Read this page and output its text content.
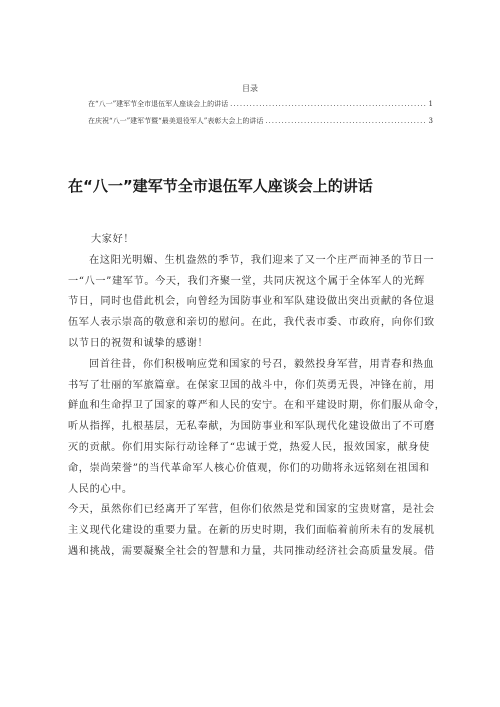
目录
在“八一”建军节全市退伍军人座谈会上的讲话 .....	1
在庆祝“八一”建军节暨“最美退役军人”表彰大会上的讲话 .....	3
在“八一”建军节全市退伍军人座谈会上的讲话
大家好！
在这阳光明媚、生机盎然的季节，我们迎来了又一个庄严而神圣的节日一
一“八一”建军节。今天，我们齐聚一堂，共同庆祝这个属于全体军人的光辉
节日，同时也借此机会，向曾经为国防事业和军队建设做出突出贡献的各位退
伍军人表示崇高的敬意和亲切的慰问。在此，我代表市委、市政府，向你们致
以节日的祝贺和诚挚的感谢！
回首往昔，你们积极响应党和国家的号召，毅然投身军营，用青春和热血
书写了壮丽的军旅篇章。在保家卫国的战斗中，你们英勇无畏，冲锋在前，用
鲜血和生命捍卫了国家的尊严和人民的安宁。在和平建设时期，你们服从命令，
听从指挥，扎根基层，无私奉献，为国防事业和军队现代化建设做出了不可磨
灭的贡献。你们用实际行动诠释了“忠诚于党，热爱人民，报效国家，献身使
命，崇尚荣誉”的当代革命军人核心价值观，你们的功勋将永远铭刻在祖国和
人民的心中。
今天，虽然你们已经离开了军营，但你们依然是党和国家的宝贵财富，是社会
主义现代化建设的重要力量。在新的历史时期，我们面临着前所未有的发展机
遇和挑战，需要凝聚全社会的智慧和力量，共同推动经济社会高质量发展。借
